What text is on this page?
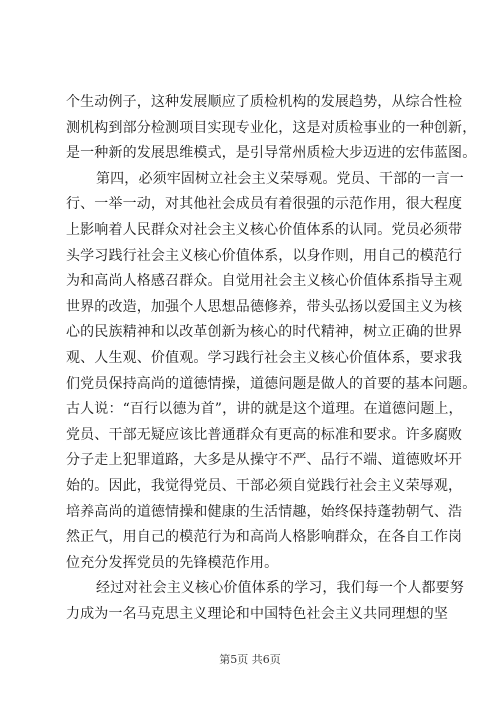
个生动例子，这种发展顺应了质检机构的发展趋势，从综合性检
测机构到部分检测项目实现专业化，这是对质检事业的一种创新，
是一种新的发展思维模式，是引导常州质检大步迈进的宏伟蓝图。
第四，必须牢固树立社会主义荣辱观。党员、干部的一言一
行、一举一动，对其他社会成员有着很强的示范作用，很大程度
上影响着人民群众对社会主义核心价值体系的认同。党员必须带
头学习践行社会主义核心价值体系，以身作则，用自己的模范行
为和高尚人格感召群众。自觉用社会主义核心价值体系指导主观
世界的改造，加强个人思想品德修养，带头弘扬以爱国主义为核
心的民族精神和以改革创新为核心的时代精神，树立正确的世界
观、人生观、价值观。学习践行社会主义核心价值体系，要求我
们党员保持高尚的道德情操，道德问题是做人的首要的基本问题。
古人说：“百行以德为首”，讲的就是这个道理。在道德问题上，
党员、干部无疑应该比普通群众有更高的标准和要求。许多腐败
分子走上犯罪道路，大多是从操守不严、品行不端、道德败坏开
始的。因此，我觉得党员、干部必须自觉践行社会主义荣辱观，
培养高尚的道德情操和健康的生活情趣，始终保持蓬勃朝气、浩
然正气，用自己的模范行为和高尚人格影响群众，在各自工作岗
位充分发挥党员的先锋模范作用。
经过对社会主义核心价值体系的学习，我们每一个人都要努
力成为一名马克思主义理论和中国特色社会主义共同理想的坚
第5页 共6页
